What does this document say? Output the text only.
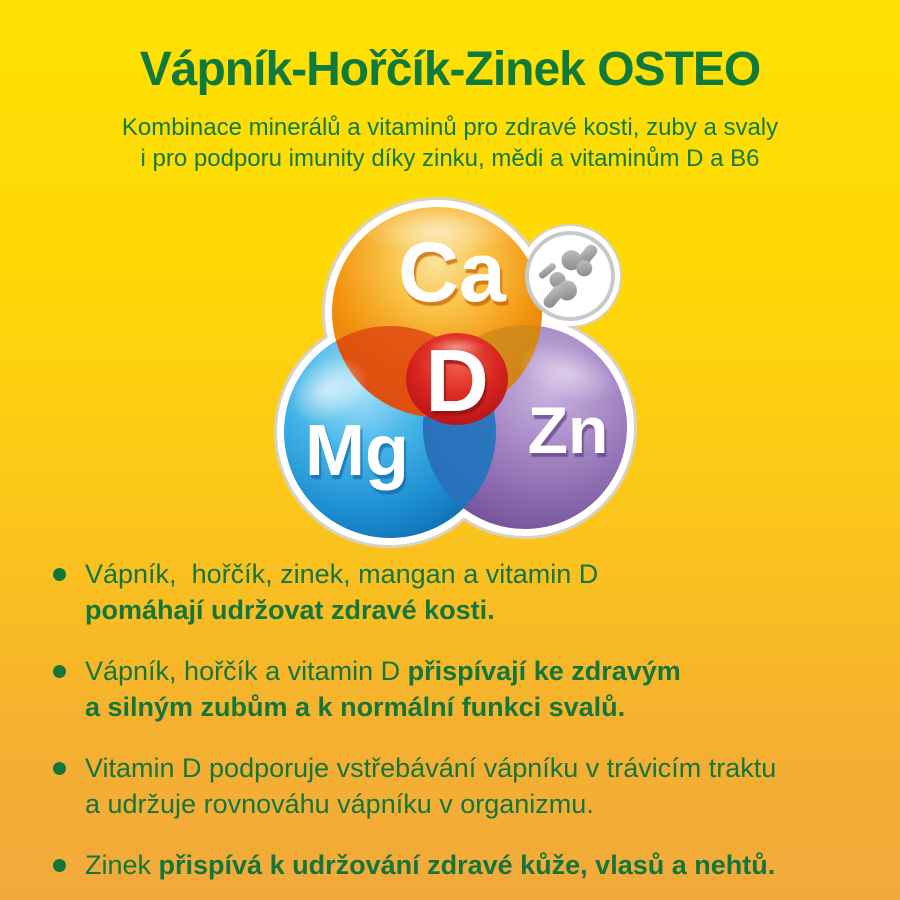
Vápník-Hořčík-Zinek OSTEO
Kombinace minerálů a vitaminů pro zdravé kosti, zuby a svaly
i pro podporu imunity díky zinku, mědi a vitaminům D a B6
Ca
Mg Zn
D
Vápník,  hořčík, zinek, mangan a vitamin D
pomáhají udržovat zdravé kosti.
Vápník, hořčík a vitamin D přispívají ke zdravým
a silným zubům a k normální funkci svalů.
Vitamin D podporuje vstřebávání vápníku v trávicím traktu
a udržuje rovnováhu vápníku v organizmu.
Zinek přispívá k udržování zdravé kůže, vlasů a nehtů.
